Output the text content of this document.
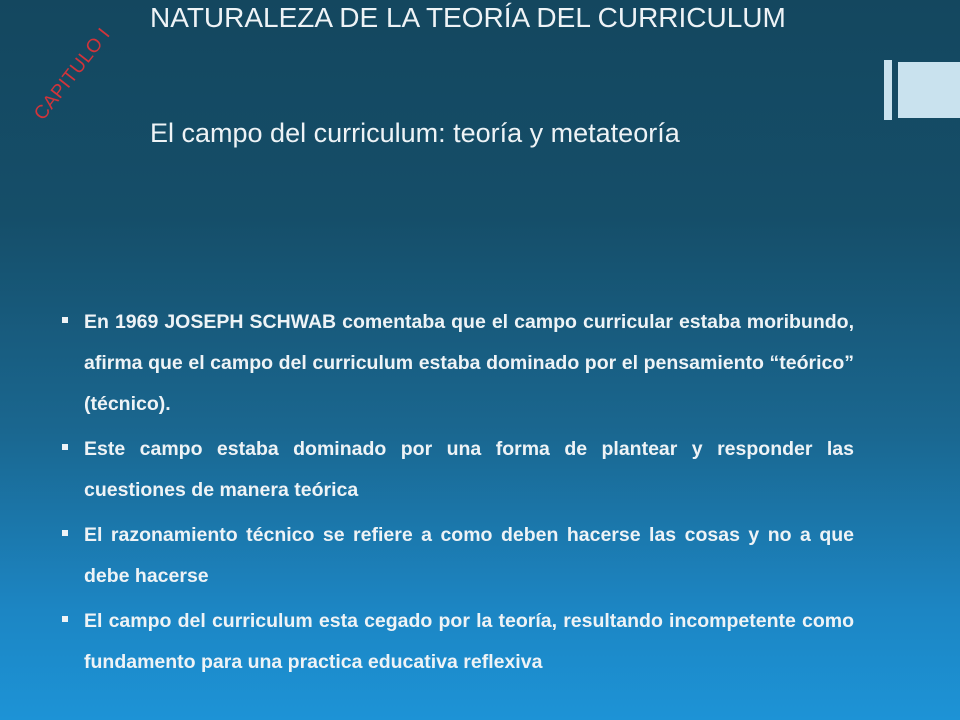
CAPITULO I
NATURALEZA DE LA TEORÍA DEL CURRICULUM
El campo del curriculum: teoría y metateoría
En 1969 JOSEPH SCHWAB comentaba que el campo curricular estaba moribundo, afirma que el campo del curriculum estaba dominado por el pensamiento “teórico” (técnico).
Este campo estaba dominado por una forma de plantear y responder las cuestiones de manera teórica
El razonamiento técnico se refiere a como deben hacerse las cosas y no a que debe hacerse
El campo del curriculum esta cegado por la teoría, resultando incompetente como fundamento para una practica educativa reflexiva
